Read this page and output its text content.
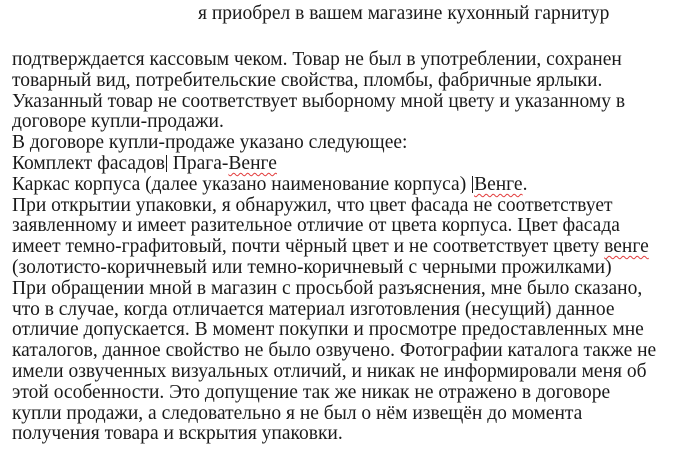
я приобрел в вашем магазине кухонный гарнитур
подтверждается кассовым чеком. Товар не был в употреблении, сохранен
товарный вид, потребительские свойства, пломбы, фабричные ярлыки.
Указанный товар не соответствует выборному мной цвету и указанному в
договоре купли-продажи.
В договоре купли-продаже указано следующее:
Комплект фасадов Прага-Венге
Каркас корпуса (далее указано наименование корпуса) Венге.
При открытии упаковки, я обнаружил, что цвет фасада не соответствует
заявленному и имеет разительное отличие от цвета корпуса. Цвет фасада
имеет темно-графитовый, почти чёрный цвет и не соответствует цвету венге
(золотисто-коричневый или темно-коричневый с черными прожилками)
При обращении мной в магазин с просьбой разъяснения, мне было сказано,
что в случае, когда отличается материал изготовления (несущий) данное
отличие допускается. В момент покупки и просмотре предоставленных мне
каталогов, данное свойство не было озвучено. Фотографии каталога также не
имели озвученных визуальных отличий, и никак не информировали меня об
этой особенности. Это допущение так же никак не отражено в договоре
купли продажи, а следовательно я не был о нём извещён до момента
получения товара и вскрытия упаковки.
